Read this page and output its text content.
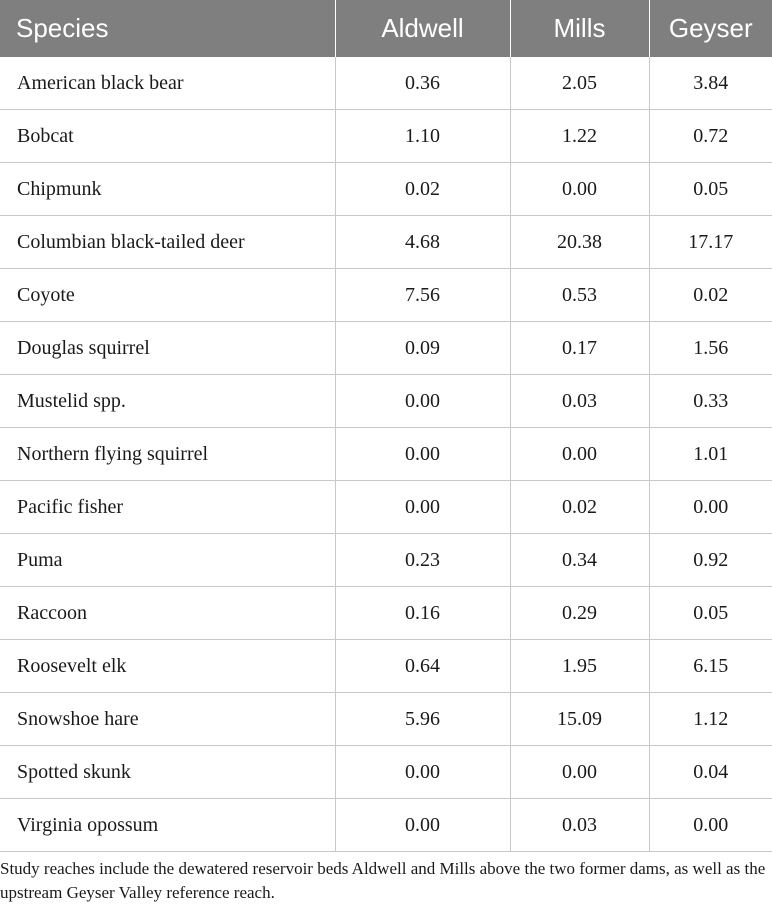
Species	Aldwell	Mills	Geyser
American black bear	0.36	2.05	3.84
Bobcat	1.10	1.22	0.72
Chipmunk	0.02	0.00	0.05
Columbian black-tailed deer	4.68	20.38	17.17
Coyote	7.56	0.53	0.02
Douglas squirrel	0.09	0.17	1.56
Mustelid spp.	0.00	0.03	0.33
Northern flying squirrel	0.00	0.00	1.01
Pacific fisher	0.00	0.02	0.00
Puma	0.23	0.34	0.92
Raccoon	0.16	0.29	0.05
Roosevelt elk	0.64	1.95	6.15
Snowshoe hare	5.96	15.09	1.12
Spotted skunk	0.00	0.00	0.04
Virginia opossum	0.00	0.03	0.00
Study reaches include the dewatered reservoir beds Aldwell and Mills above the two former dams, as well as the upstream Geyser Valley reference reach.
